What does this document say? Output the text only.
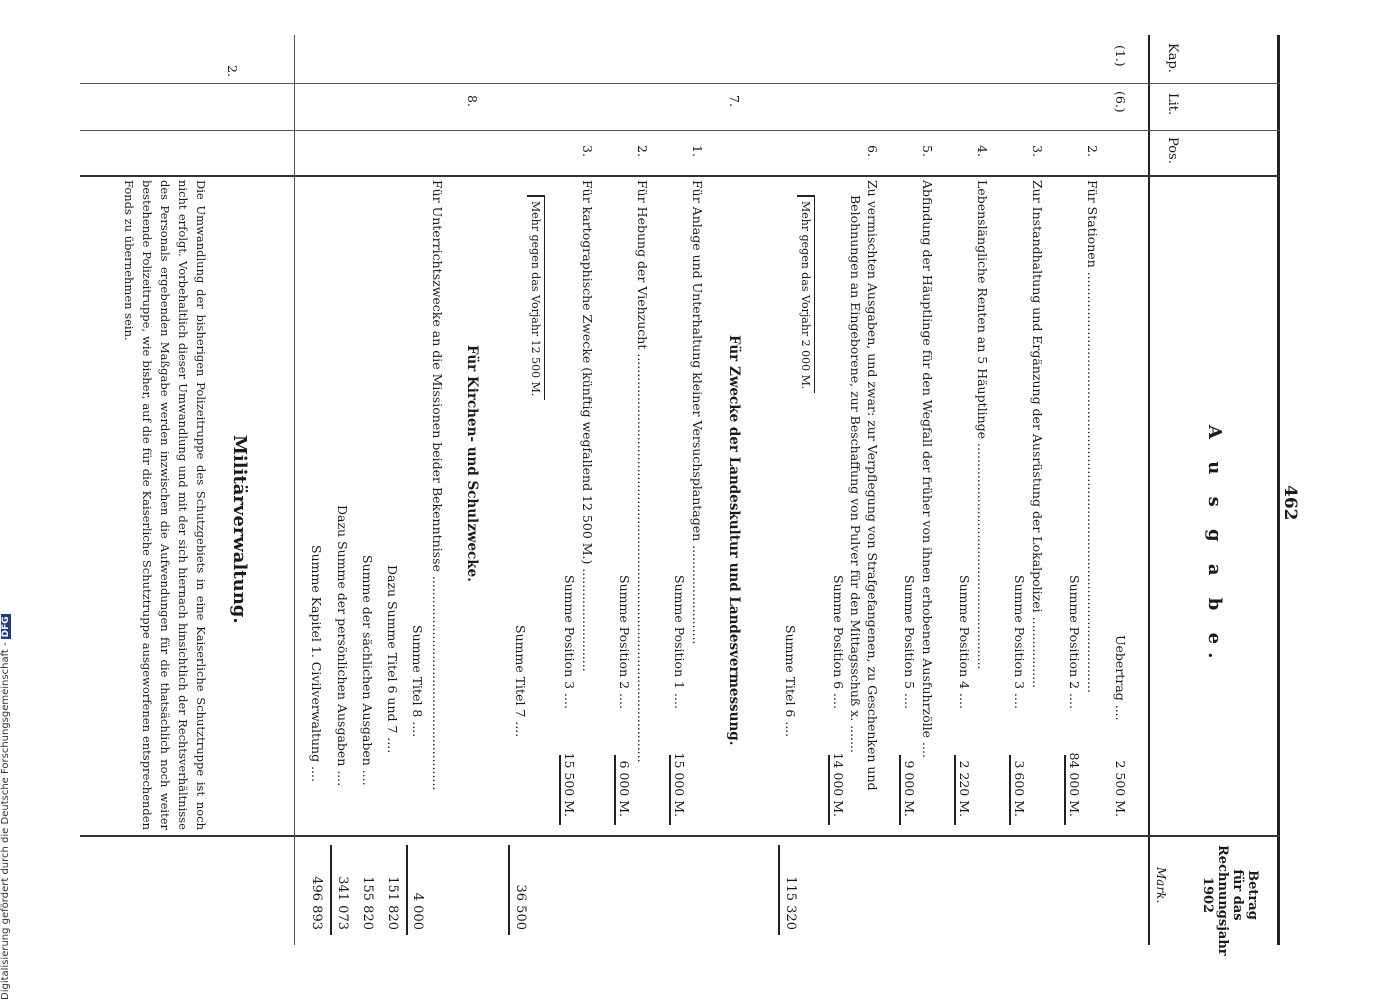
462
Kap.
Lit.
Pos.
A u s g a b e.
Betrag
für das
Rechnungsjahr
1902
Mark.
(1.)
(6.)
Uebertrag ....
2 500 M.
2.
Für Stationen ..........................................................................................................
Summe Position 2 ....
84 000 M.
3.
Zur Instandhaltung und Ergänzung der Ausrüstung der Lokalpolizei ..................
Summe Position 3 ....
3 600 M.
4.
Lebenslängliche Renten an 5 Häuptlinge .........................................................
Summe Position 4 ....
2 220 M.
5.
Abfindung der Häuptlinge für den Wegfall der früher von ihnen erhobenen Ausfuhrzölle ....
Summe Position 5 ....
9 000 M.
6.
Zu vermischten Ausgaben, und zwar: zur Verpflegung von Strafgefangenen, zu Geschenken und
Belohnungen an Eingeborene, zur Beschaffung von Pulver für den Mittagsschuß x. .......
Summe Position 6 ....
14 000 M.
Mehr gegen das Vorjahr 2 000 M.
Summe Titel 6 ....
115 320
7.
Für Zwecke der Landeskultur und Landesvermessung.
1.
Für Anlage und Unterhaltung kleiner Versuchsplantagen .........................
Summe Position 1 ....
15 000 M.
2.
Für Hebung der Viehzucht .......................................................................................................
Summe Position 2 ....
6 000 M.
3.
Für kartographische Zwecke (künftig wegfallend 12 500 M.) ..........................
Summe Position 3 ....
15 500 M.
Mehr gegen das Vorjahr 12 500 M.
Summe Titel 7 ....
36 500
8.
Für Kirchen- und Schulzwecke.
Für Unterrichtszwecke an die Missionen beider Bekenntnisse ......................................................
Summe Titel 8 ....
4 000
Dazu Summe Titel 6 und 7 ....
151 820
Summe der sächlichen Ausgaben ....
155 820
Dazu Summe der persönlichen Ausgaben ....
341 073
Summe Kapitel 1. Civilverwaltung ....
496 893
2.
Militärverwaltung.
Die Umwandlung der bisherigen Polizeitruppe des Schutzgebiets in eine Kaiserliche Schutztruppe ist noch nicht erfolgt. Vorbehaltlich dieser Umwandlung und mit der sich hiernach hinsichtlich der Rechtsverhältnisse des Personals ergebenden Maßgabe werden inzwischen die Aufwendungen für die thatsächlich noch weiter bestehende Polizeitruppe, wie bisher, auf die für die Kaiserliche Schutztruppe ausgeworfenen entsprechenden Fonds zu übernehmen sein.
Digitalisierung gefördert durch die Deutsche Forschungsgemeinschaft -DFG
